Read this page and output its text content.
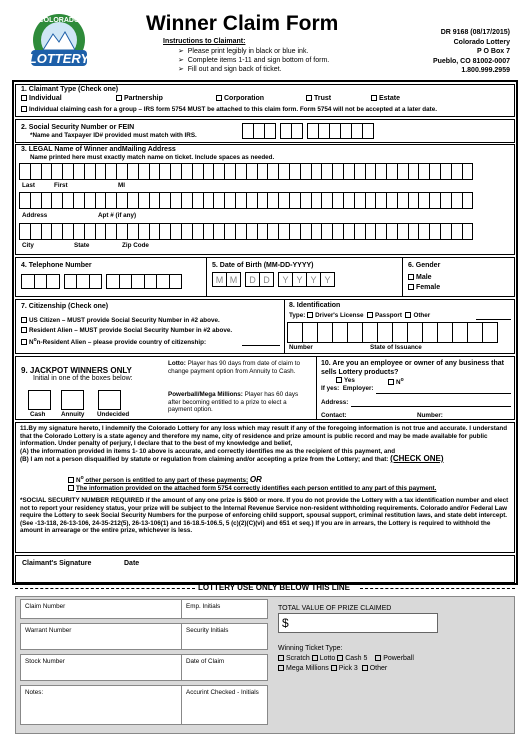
COLORADO
LOTTERY
Winner Claim Form
Instructions to Claimant:
➢  Please print legibly in black or blue ink.
➢  Complete items 1-11 and sign bottom of form.
➢  Fill out and sign back of ticket.
DR 9168 (08/17/2015)
Colorado Lottery
P O Box 7
Pueblo, CO 81002-0007
1.800.999.2959
1. Claimant Type (Check one)
Individual	Partnership	Corporation	Trust	Estate
Individual claiming cash for a group – IRS form 5754 MUST be attached to this claim form. Form 5754 will not be accepted at a later date.
2. Social Security Number or FEIN
*Name and Taxpayer ID# provided must match with IRS.
3. LEGAL Name of Winner andMailing Address
Name printed here must exactly match name on ticket. Include spaces as needed.
Last	First	MI
Address	Apt # (if any)
City	State	Zip Code
4. Telephone Number	5. Date of Birth (MM-DD-YYYY)
M M	D D	Y Y Y Y
6. Gender
Male
Female
7. Citizenship (Check one)
US Citizen – MUST provide Social Security Number in #2 above.
Resident Alien – MUST provide Social Security Number in #2 above.
$N^on$-Resident Alien – please provide country of citizenship:
8. Identification
Type: Driver's License Passport Other
Number	State of Issuance
9. JACKPOT WINNERS ONLY
Initial in one of the boxes below:
Cash Annuity Undecided
Lotto: Player has 90 days from date of claim to change payment option from Annuity to Cash.
Powerball/Mega Millions: Player has 60 days after becoming entitled to a prize to elect a payment option.
10. Are you an employee or owner of any business that sells Lottery products?
Yes	$N^o$
If yes: Employer:
Address:
Contact:	Number:
11.By my signature hereto, I indemnify the Colorado Lottery for any loss which may result if any of the foregoing information is not true and accurate. I understand that the Colorado Lottery is a state agency and therefore my name, city of residence and prize amount is public record and may be made available for public information. Under penalty of perjury, I declare that to the best of my knowledge and belief,
(A) the information provided in items 1- 10 above is accurate, and correctly identifies me as the recipient of this payment, and
(B) I am not a person disqualified by statute or regulation from claiming and/or accepting a prize from the Lottery; and that: (CHECK ONE)
$N^o$ other person is entitled to any part of these payments; OR
The information provided on the attached form 5754 correctly identifies each person entitled to any part of this payment.
*SOCIAL SECURITY NUMBER REQUIRED if the amount of any one prize is $600 or more. If you do not provide the Lottery with a tax identification number and elect not to report your residency status, your prize will be subject to the Internal Revenue Service non-resident withholding requirements. Colorado and/or Federal Law require the Lottery to seek Social Security Numbers for the purpose of enforcing child support, spousal support, criminal restitution laws, and state debt intercept. (See -13-118, 26-13-106, 24-35-212(5), 26-13-106(1) and 16-18.5-106.5, 5 (c)(2)(C)(vi) and 651 et seq.) If you are in arrears, the Lottery is required to withhold the amount in arrearage or the entire prize, whichever is less.
Claimant's Signature	Date
LOTTERY USE ONLY BELOW THIS LINE
Claim Number	Emp. Initials
Warrant Number	Security Initials
Stock Number	Date of Claim
Notes:	Accurint Checked - Initials
TOTAL VALUE OF PRIZE CLAIMED
$
Winning Ticket Type:
Scratch Lotto Cash 5 Powerball
Mega Millions Pick 3 Other
